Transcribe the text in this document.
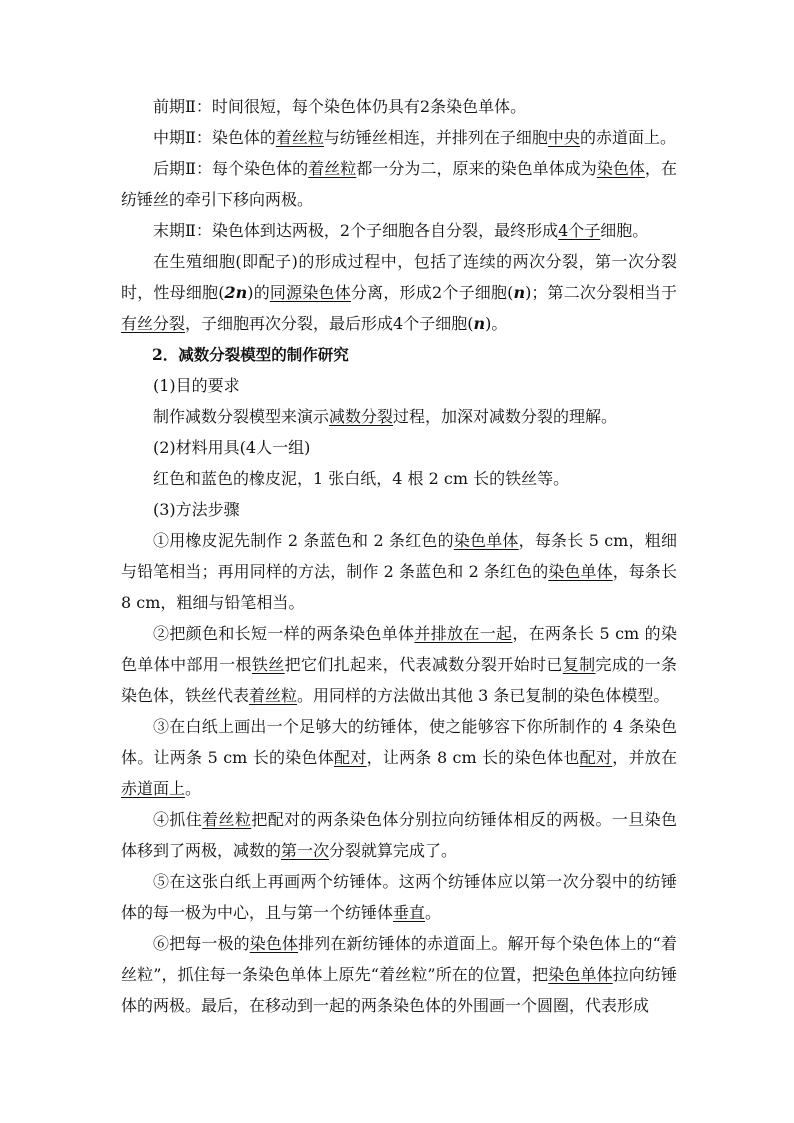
前期Ⅱ：时间很短，每个染色体仍具有2条染色单体。

中期Ⅱ：染色体的着丝粒与纺锤丝相连，并排列在子细胞中央的赤道面上。

后期Ⅱ：每个染色体的着丝粒都一分为二，原来的染色单体成为染色体，在纺锤丝的牵引下移向两极。

末期Ⅱ：染色体到达两极，2个子细胞各自分裂，最终形成4个子细胞。

在生殖细胞(即配子)的形成过程中，包括了连续的两次分裂，第一次分裂时，性母细胞(2n)的同源染色体分离，形成2个子细胞(n)；第二次分裂相当于有丝分裂，子细胞再次分裂，最后形成4个子细胞(n)。

2．减数分裂模型的制作研究

(1)目的要求

制作减数分裂模型来演示减数分裂过程，加深对减数分裂的理解。

(2)材料用具(4人一组)

红色和蓝色的橡皮泥，1 张白纸，4 根 2 cm 长的铁丝等。

(3)方法步骤

①用橡皮泥先制作 2 条蓝色和 2 条红色的染色单体，每条长 5 cm，粗细与铅笔相当；再用同样的方法，制作 2 条蓝色和 2 条红色的染色单体，每条长 8 cm，粗细与铅笔相当。

②把颜色和长短一样的两条染色单体并排放在一起，在两条长 5 cm 的染色单体中部用一根铁丝把它们扎起来，代表减数分裂开始时已复制完成的一条染色体，铁丝代表着丝粒。用同样的方法做出其他 3 条已复制的染色体模型。

③在白纸上画出一个足够大的纺锤体，使之能够容下你所制作的 4 条染色体。让两条 5 cm 长的染色体配对，让两条 8 cm 长的染色体也配对，并放在赤道面上。

④抓住着丝粒把配对的两条染色体分别拉向纺锤体相反的两极。一旦染色体移到了两极，减数的第一次分裂就算完成了。

⑤在这张白纸上再画两个纺锤体。这两个纺锤体应以第一次分裂中的纺锤体的每一极为中心，且与第一个纺锤体垂直。

⑥把每一极的染色体排列在新纺锤体的赤道面上。解开每个染色体上的“着丝粒”，抓住每一条染色单体上原先“着丝粒”所在的位置，把染色单体拉向纺锤体的两极。最后，在移动到一起的两条染色体的外围画一个圆圈，代表形成
